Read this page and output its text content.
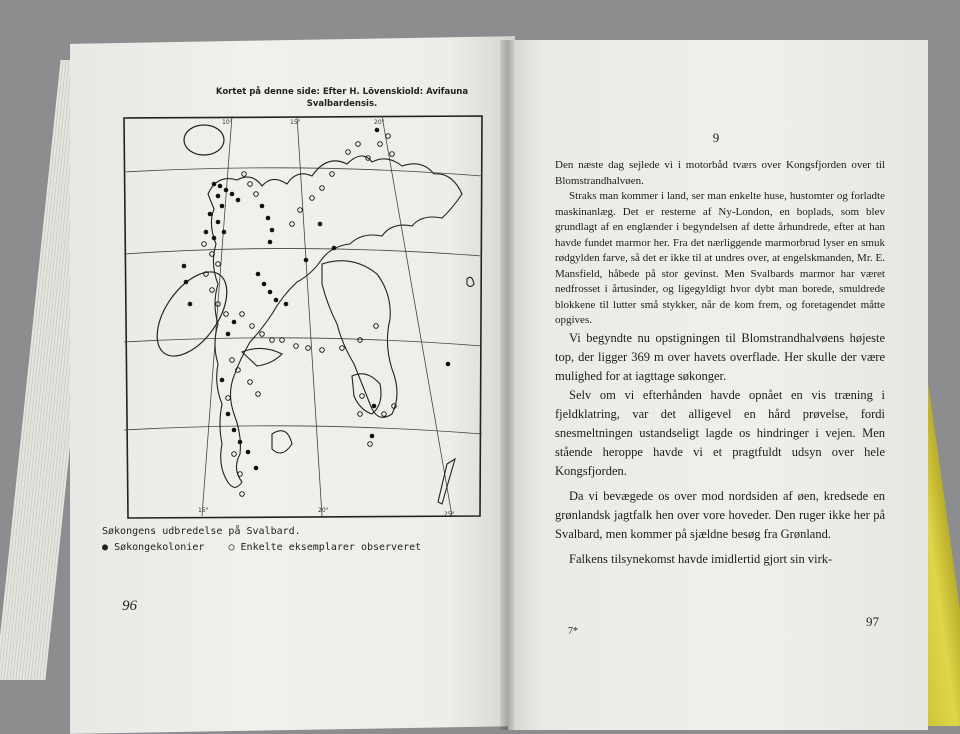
Kortet på denne side: Efter H. Lövenskiold: Avifauna Svalbardensis.
10°	15°	20°
15°	20°
25°
Søkongens udbredelse på Svalbard.
● Søkongekolonier ○ Enkelte eksemplarer observeret
96
9

Den næste dag sejlede vi i motorbåd tværs over Kongsfjorden over til Blomstrandhalvøen.

Straks man kommer i land, ser man enkelte huse, hustomter og forladte maskinanlæg. Det er resterne af Ny-London, en boplads, som blev grundlagt af en englænder i begyndelsen af dette århundrede, efter at han havde fundet marmor her. Fra det nærliggende marmorbrud lyser en smuk rødgylden farve, så det er ikke til at undres over, at engelskmanden, Mr. E. Mansfield, håbede på stor gevinst. Men Svalbards marmor har været nedfrosset i årtusinder, og ligegyldigt hvor dybt man borede, smuldrede blokkene til lutter små stykker, når de kom frem, og foretagendet måtte opgives.

Vi begyndte nu opstigningen til Blomstrandhalvøens højeste top, der ligger 369 m over havets overflade. Her skulle der være mulighed for at iagttage søkonger.

Selv om vi efterhånden havde opnået en vis træning i fjeldklatring, var det alligevel en hård prøvelse, fordi snesmeltningen ustandseligt lagde os hindringer i vejen. Men stående heroppe havde vi et pragtfuldt udsyn over hele Kongsfjorden.

Da vi bevægede os over mod nordsiden af øen, kredsede en grønlandsk jagtfalk hen over vore hoveder. Den ruger ikke her på Svalbard, men kommer på sjældne besøg fra Grønland.

Falkens tilsynekomst havde imidlertid gjort sin virk-

7*
97
